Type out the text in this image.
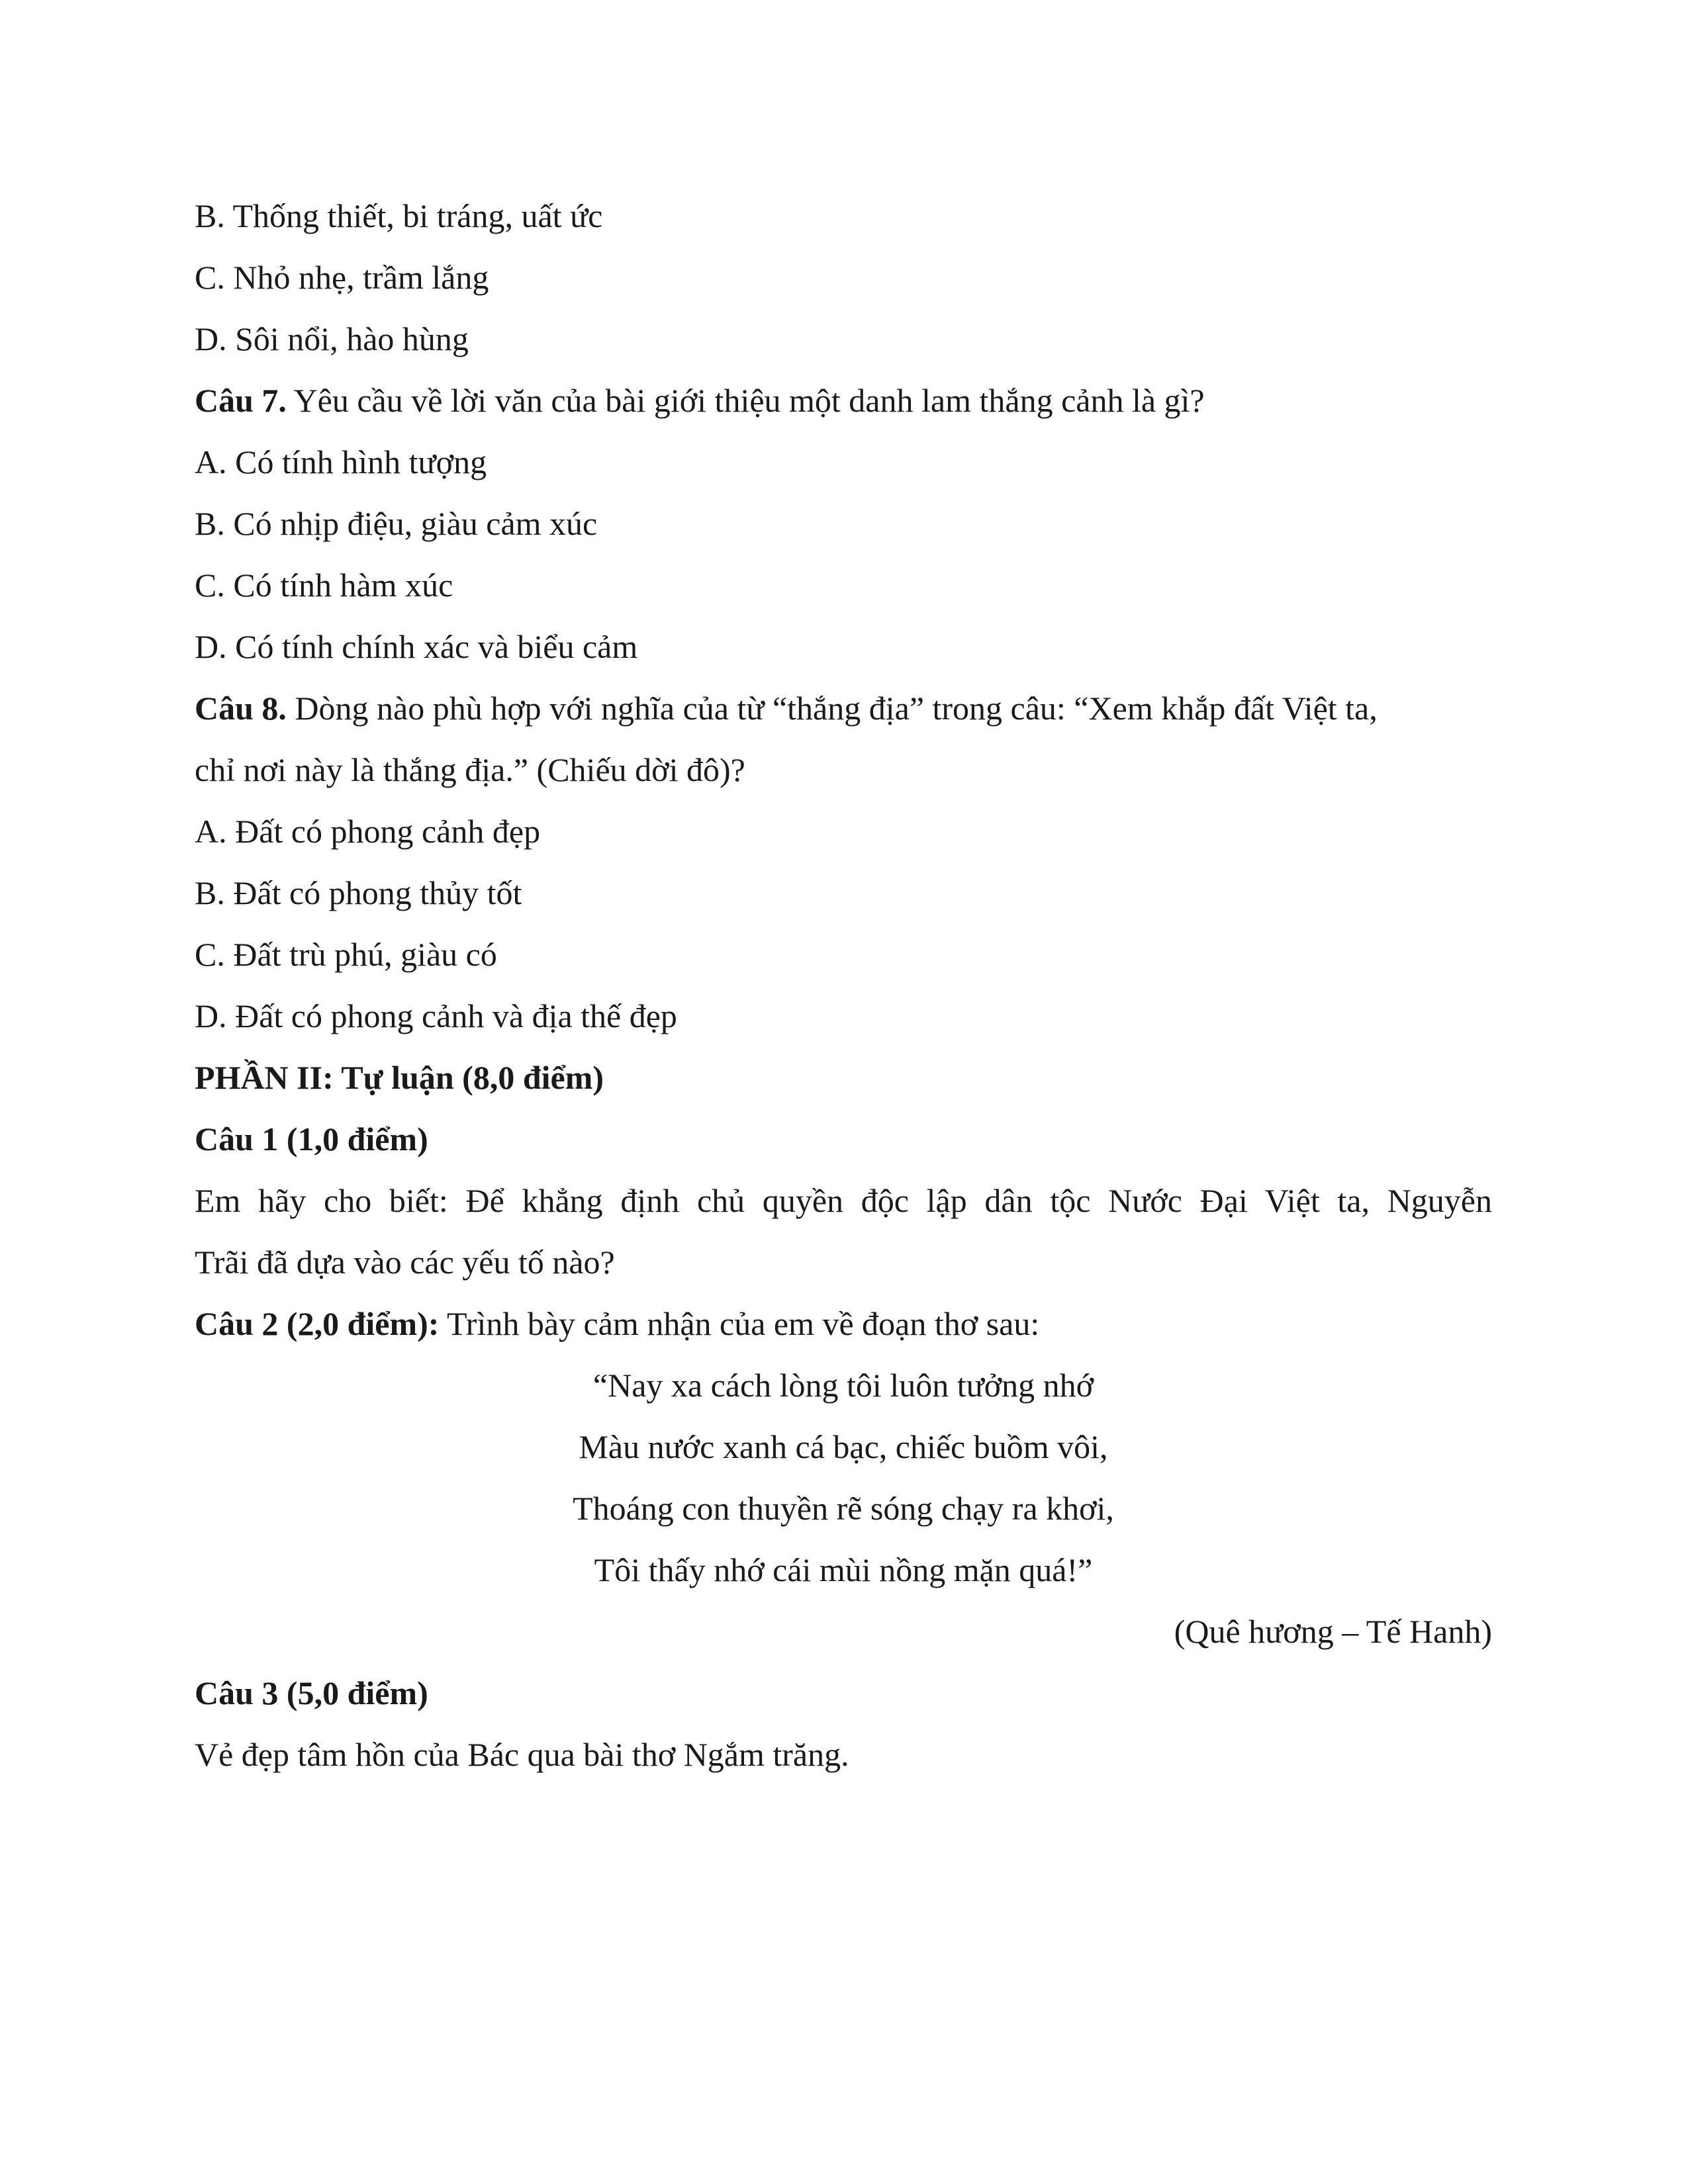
B. Thống thiết, bi tráng, uất ức
C. Nhỏ nhẹ, trầm lắng
D. Sôi nổi, hào hùng
Câu 7. Yêu cầu về lời văn của bài giới thiệu một danh lam thắng cảnh là gì?
A. Có tính hình tượng
B. Có nhịp điệu, giàu cảm xúc
C. Có tính hàm xúc
D. Có tính chính xác và biểu cảm
Câu 8. Dòng nào phù hợp với nghĩa của từ “thắng địa” trong câu: “Xem khắp đất Việt ta,
chỉ nơi này là thắng địa.” (Chiếu dời đô)?
A. Đất có phong cảnh đẹp
B. Đất có phong thủy tốt
C. Đất trù phú, giàu có
D. Đất có phong cảnh và địa thế đẹp
PHẦN II: Tự luận (8,0 điểm)
Câu 1 (1,0 điểm)
Em hãy cho biết: Để khẳng định chủ quyền độc lập dân tộc Nước Đại Việt ta, Nguyễn
Trãi đã dựa vào các yếu tố nào?
Câu 2 (2,0 điểm): Trình bày cảm nhận của em về đoạn thơ sau:
“Nay xa cách lòng tôi luôn tưởng nhớ
Màu nước xanh cá bạc, chiếc buồm vôi,
Thoáng con thuyền rẽ sóng chạy ra khơi,
Tôi thấy nhớ cái mùi nồng mặn quá!”
(Quê hương – Tế Hanh)
Câu 3 (5,0 điểm)
Vẻ đẹp tâm hồn của Bác qua bài thơ Ngắm trăng.
